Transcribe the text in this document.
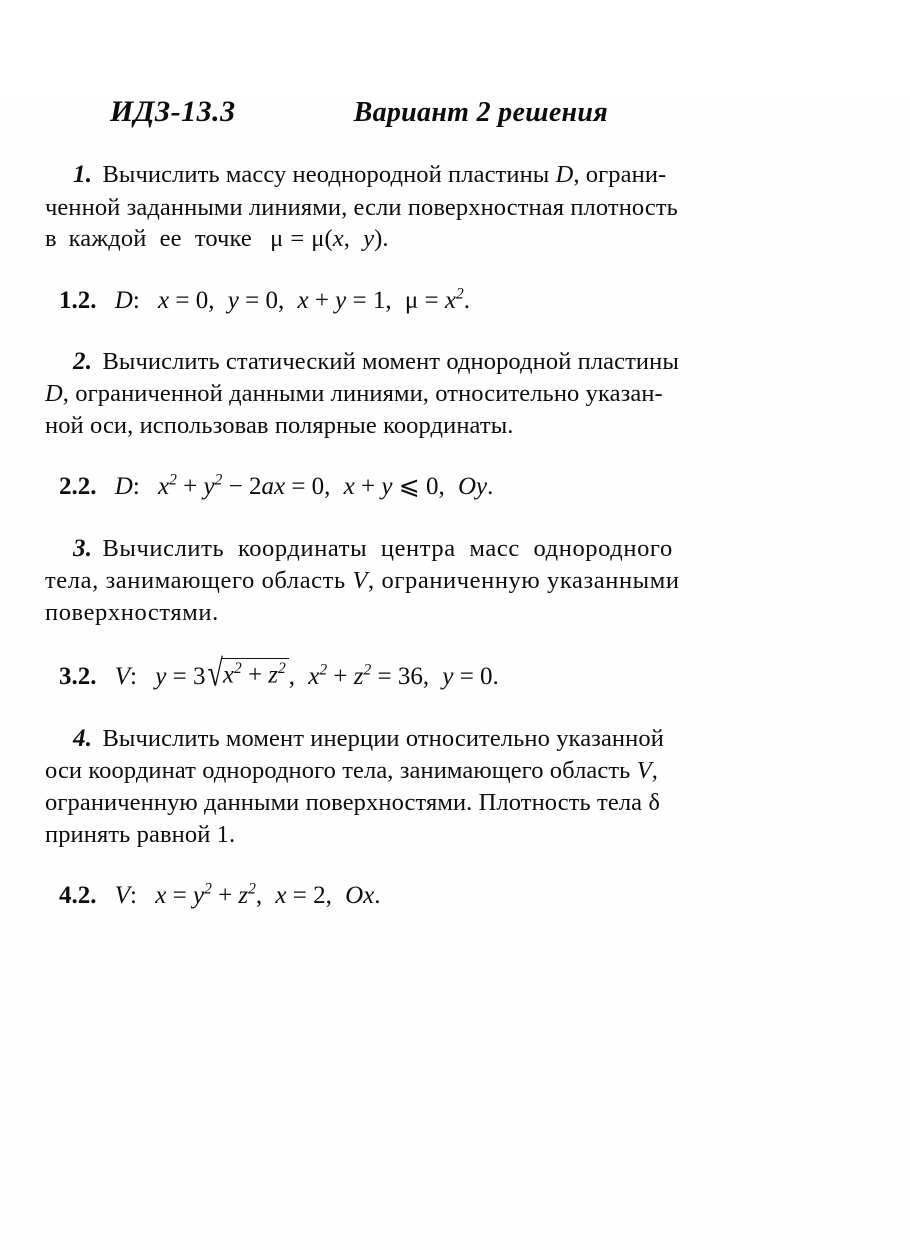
ИДЗ-13.3	Вариант 2 решения
1. Вычислить массу неоднородной пластины D, ограни-
ченной заданными линиями, если поверхностная плотность
в каждой ее точке μ = μ(x, y).
1.2. D: x = 0, y = 0, x + y = 1, $\mu = x^2$.
2. Вычислить статический момент однородной пластины
D, ограниченной данными линиями, относительно указан-
ной оси, использовав полярные координаты.
2.2. D: $x^2 + y^2 - 2ax = 0$, x + y ⩽ 0, Oy.
3. Вычислить координаты центра масс однородного
тела, занимающего область V, ограниченную указанными
поверхностями.
3.2. V: $y = 3√x^2 + z^2$ , $x^2 + z^2 = 36$, y = 0.
4. Вычислить момент инерции относительно указанной
оси координат однородного тела, занимающего область V,
ограниченную данными поверхностями. Плотность тела δ
принять равной 1.
4.2. V: $x = y^2 + z^2$, x = 2, Ox.
